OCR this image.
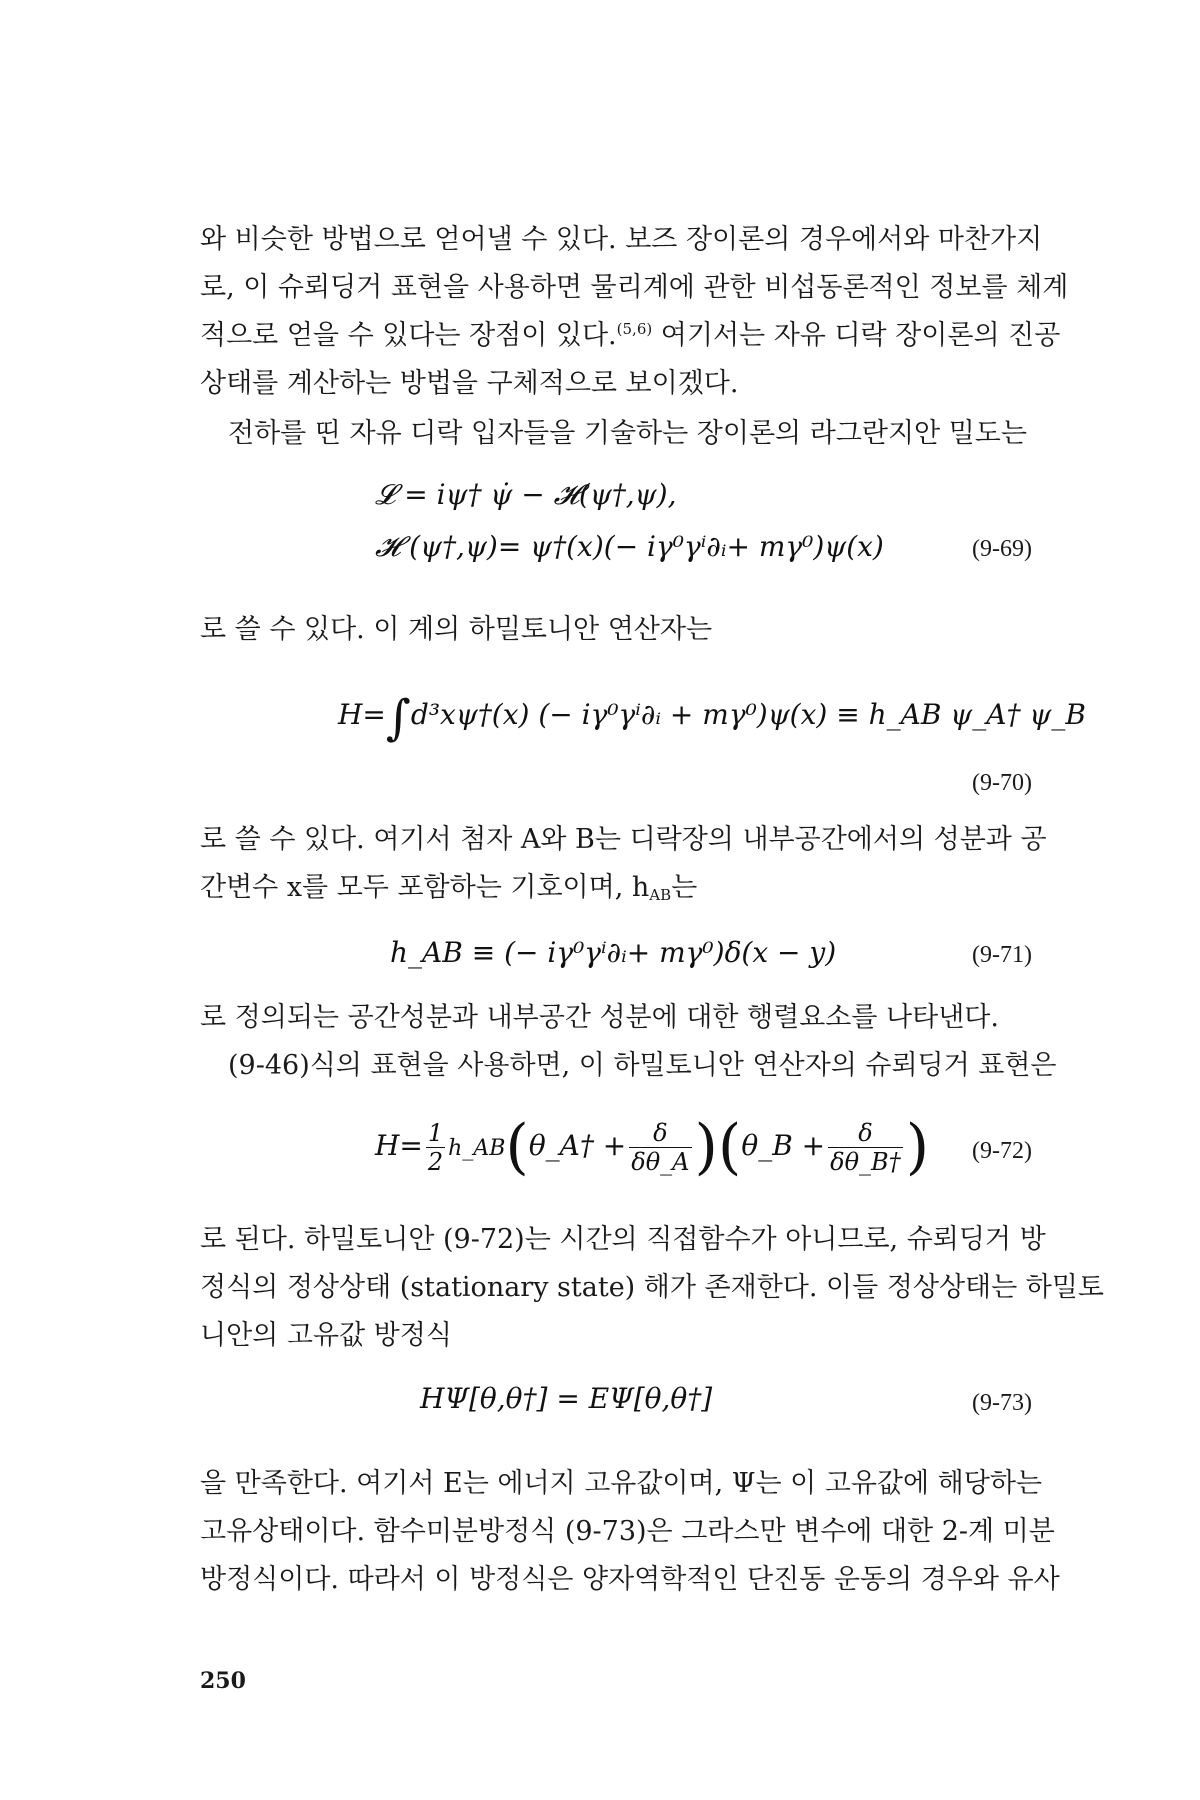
와 비슷한 방법으로 얻어낼 수 있다. 보즈 장이론의 경우에서와 마찬가지
로, 이 슈뢰딩거 표현을 사용하면 물리계에 관한 비섭동론적인 정보를 체계
적으로 얻을 수 있다는 장점이 있다.$^{(5,6)}$ 여기서는 자유 디락 장이론의 진공
상태를 계산하는 방법을 구체적으로 보이겠다.
전하를 띤 자유 디락 입자들을 기술하는 장이론의 라그란지안 밀도는
𝓛 = iψ† ψ̇ − 𝓗(ψ†,ψ),
𝓗 (ψ†,ψ)= ψ†(x)(− iγ⁰γⁱ∂ᵢ+ mγ⁰)ψ(x)	(9-69)
로 쓸 수 있다. 이 계의 하밀토니안 연산자는
H=∫d³xψ†(x) (− iγ⁰γⁱ∂ᵢ + mγ⁰)ψ(x) ≡ h_AB ψ_A† ψ_B
(9-70)
로 쓸 수 있다. 여기서 첨자 A와 B는 디락장의 내부공간에서의 성분과 공
간변수 x를 모두 포함하는 기호이며, hAB는
h_AB ≡ (− iγ⁰γⁱ∂ᵢ+ mγ⁰)δ(x − y)	(9-71)
로 정의되는 공간성분과 내부공간 성분에 대한 행렬요소를 나타낸다.
(9-46)식의 표현을 사용하면, 이 하밀토니안 연산자의 슈뢰딩거 표현은
$H= \frac{1}{2}$ h_AB(θ_A† + $\frac{\delta}{\delta\theta\_A}$ )(θ_B + $\frac{\delta}{\delta\theta\_B\dagger}$ ) (9-72)
로 된다. 하밀토니안 (9-72)는 시간의 직접함수가 아니므로, 슈뢰딩거 방
정식의 정상상태 (stationary state) 해가 존재한다. 이들 정상상태는 하밀토
니안의 고유값 방정식
HΨ[θ,θ†] = EΨ[θ,θ†]	(9-73)
을 만족한다. 여기서 E는 에너지 고유값이며, Ψ는 이 고유값에 해당하는
고유상태이다. 함수미분방정식 (9-73)은 그라스만 변수에 대한 2-계 미분
방정식이다. 따라서 이 방정식은 양자역학적인 단진동 운동의 경우와 유사
250
